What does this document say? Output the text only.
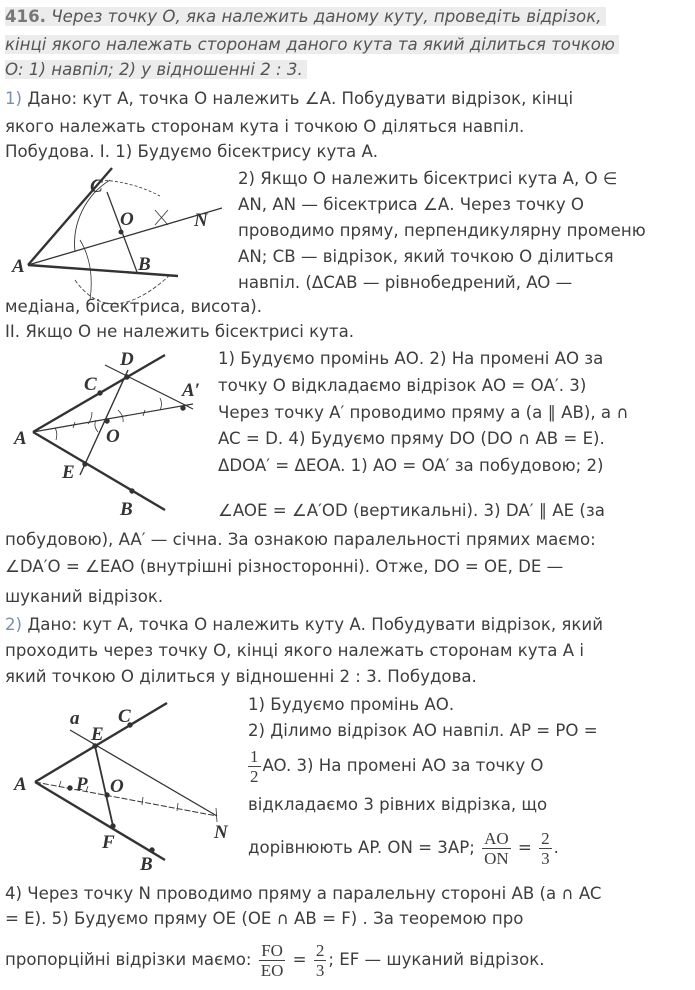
416. Через точку О, яка належить даному куту, проведіть відрізок,
кінці якого належать сторонам даного кута та який ділиться точкою
О: 1) навпіл; 2) у відношенні 2 : 3.
1) Дано: кут А, точка О належить ∠А. Побудувати відрізок, кінці
якого належать сторонам кута і точкою О діляться навпіл.
Побудова. I. 1) Будуємо бісектрису кута А.
A
C
O	N
B
D
C	A′
A	O
E
B
a
E
C
A	P O
N
F
B
2) Якщо О належить бісектрисі кута А, О ∈
AN, AN — бісектриса ∠А. Через точку О
проводимо пряму, перпендикулярну променю
AN; CB — відрізок, який точкою О ділиться
навпіл. (ΔCAB — рівнобедрений, AO —
медіана, бісектриса, висота).
II. Якщо О не належить бісектрисі кута.
1) Будуємо промінь АО. 2) На промені АО за
точку О відкладаємо відрізок АО = ОА′. 3)
Через точку А′ проводимо пряму a (a ∥ AB), a ∩
AC = D. 4) Будуємо пряму DO (DO ∩ AB = E).
ΔDOA′ = ΔEOA. 1) AO = OA′ за побудовою; 2)
∠AOE = ∠A′OD (вертикальні). 3) DA′ ∥ AE (за
побудовою), AA′ — січна. За ознакою паралельності прямих маємо:
∠DA′O = ∠EAO (внутрішні різносторонні). Отже, DO = OE, DE —
шуканий відрізок.
2) Дано: кут А, точка О належить куту А. Побудувати відрізок, який
проходить через точку О, кінці якого належать сторонам кута А і
який точкою О ділиться у відношенні 2 : 3. Побудова.
1) Будуємо промінь АО.
2) Ділимо відрізок АО навпіл. AP = PO =
$\frac{1}{2}$ AO. 3) На промені АО за точку О
відкладаємо 3 рівних відрізка, що
дорівнюють AP. ON = 3AP; $\frac{AO}{ON} = \frac{2}{3}$ .
4) Через точку N проводимо пряму a паралельну стороні AB (a ∩ AC
= E). 5) Будуємо пряму OE (OE ∩ AB = F) . За теоремою про
пропорційні відрізки маємо: $\frac{FO}{EO} = \frac{2}{3}$ ; EF — шуканий відрізок.
